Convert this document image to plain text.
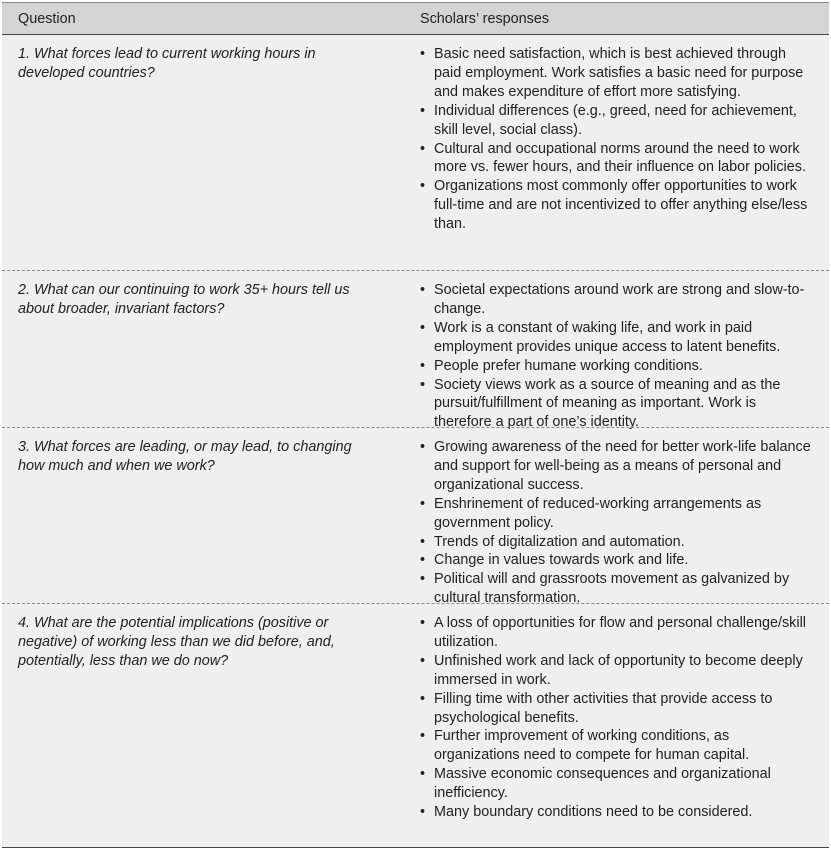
Question	Scholars’ responses
1. What forces lead to current working hours in developed countries?
• Basic need satisfaction, which is best achieved through paid employment. Work satisfies a basic need for purpose and makes expenditure of effort more satisfying.
• Individual differences (e.g., greed, need for achievement, skill level, social class).
• Cultural and occupational norms around the need to work more vs. fewer hours, and their influence on labor policies.
• Organizations most commonly offer opportunities to work full-time and are not incentivized to offer anything else/less than.
2. What can our continuing to work 35+ hours tell us about broader, invariant factors?
• Societal expectations around work are strong and slow-to-change.
• Work is a constant of waking life, and work in paid employment provides unique access to latent benefits.
• People prefer humane working conditions.
• Society views work as a source of meaning and as the pursuit/fulfillment of meaning as important. Work is therefore a part of one’s identity.
3. What forces are leading, or may lead, to changing how much and when we work?
• Growing awareness of the need for better work-life balance and support for well-being as a means of personal and organizational success.
• Enshrinement of reduced-working arrangements as government policy.
• Trends of digitalization and automation.
• Change in values towards work and life.
• Political will and grassroots movement as galvanized by cultural transformation.
4. What are the potential implications (positive or negative) of working less than we did before, and, potentially, less than we do now?
• A loss of opportunities for flow and personal challenge/skill utilization.
• Unfinished work and lack of opportunity to become deeply immersed in work.
• Filling time with other activities that provide access to psychological benefits.
• Further improvement of working conditions, as organizations need to compete for human capital.
• Massive economic consequences and organizational inefficiency.
• Many boundary conditions need to be considered.
